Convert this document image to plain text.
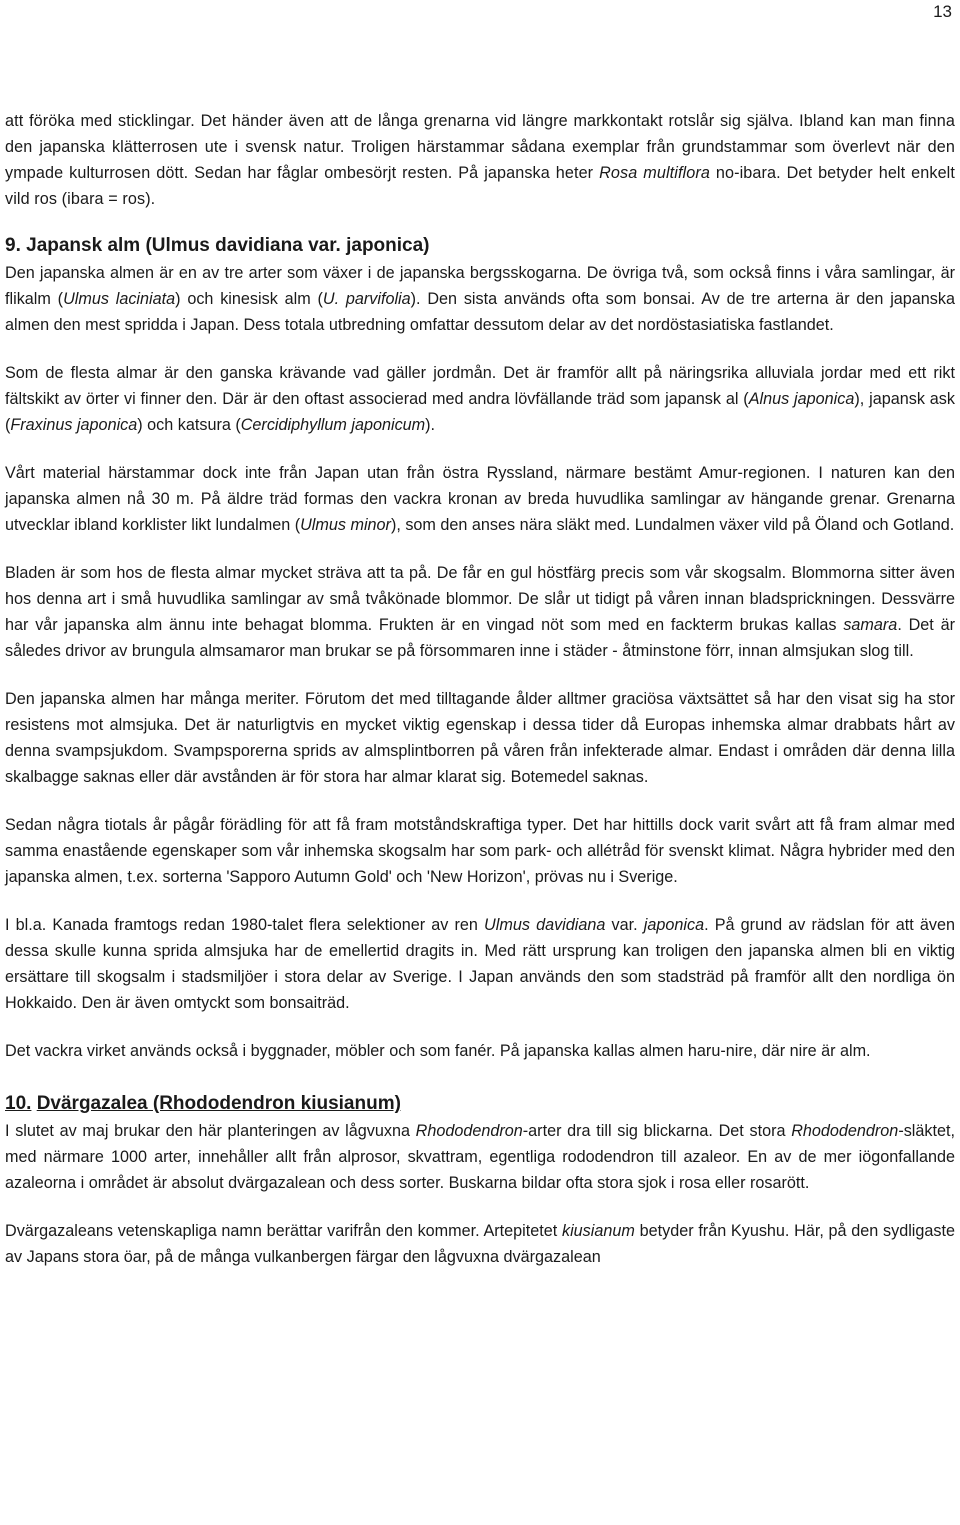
13

att föröka med sticklingar. Det händer även att de långa grenarna vid längre markkontakt rotslår sig själva. Ibland kan man finna den japanska klätterrosen ute i svensk natur. Troligen härstammar sådana exemplar från grundstammar som överlevt när den ympade kulturrosen dött. Sedan har fåglar ombesörjt resten. På japanska heter Rosa multiflora no-ibara. Det betyder helt enkelt vild ros (ibara = ros).

9. Japansk alm (Ulmus davidiana var. japonica)

Den japanska almen är en av tre arter som växer i de japanska bergsskogarna. De övriga två, som också finns i våra samlingar, är flikalm (Ulmus laciniata) och kinesisk alm (U. parvifolia). Den sista används ofta som bonsai. Av de tre arterna är den japanska almen den mest spridda i Japan. Dess totala utbredning omfattar dessutom delar av det nordöstasiatiska fastlandet.

Som de flesta almar är den ganska krävande vad gäller jordmån. Det är framför allt på näringsrika alluviala jordar med ett rikt fältskikt av örter vi finner den. Där är den oftast associerad med andra lövfällande träd som japansk al (Alnus japonica), japansk ask (Fraxinus japonica) och katsura (Cercidiphyllum japonicum).

Vårt material härstammar dock inte från Japan utan från östra Ryssland, närmare bestämt Amur-regionen. I naturen kan den japanska almen nå 30 m. På äldre träd formas den vackra kronan av breda huvudlika samlingar av hängande grenar. Grenarna utvecklar ibland korklister likt lundalmen (Ulmus minor), som den anses nära släkt med. Lundalmen växer vild på Öland och Gotland.

Bladen är som hos de flesta almar mycket sträva att ta på. De får en gul höstfärg precis som vår skogsalm. Blommorna sitter även hos denna art i små huvudlika samlingar av små tvåkönade blommor. De slår ut tidigt på våren innan bladsprickningen. Dessvärre har vår japanska alm ännu inte behagat blomma. Frukten är en vingad nöt som med en fackterm brukas kallas samara. Det är således drivor av brungula almsamaror man brukar se på försommaren inne i städer - åtminstone förr, innan almsjukan slog till.

Den japanska almen har många meriter. Förutom det med tilltagande ålder alltmer graciösa växtsättet så har den visat sig ha stor resistens mot almsjuka. Det är naturligtvis en mycket viktig egenskap i dessa tider då Europas inhemska almar drabbats hårt av denna svampsjukdom. Svampsporerna sprids av almsplintborren på våren från infekterade almar. Endast i områden där denna lilla skalbagge saknas eller där avstånden är för stora har almar klarat sig. Botemedel saknas.

Sedan några tiotals år pågår förädling för att få fram motståndskraftiga typer. Det har hittills dock varit svårt att få fram almar med samma enastående egenskaper som vår inhemska skogsalm har som park- och allétråd för svenskt klimat. Några hybrider med den japanska almen, t.ex. sorterna 'Sapporo Autumn Gold' och 'New Horizon', prövas nu i Sverige.

I bl.a. Kanada framtogs redan 1980-talet flera selektioner av ren Ulmus davidiana var. japonica. På grund av rädslan för att även dessa skulle kunna sprida almsjuka har de emellertid dragits in. Med rätt ursprung kan troligen den japanska almen bli en viktig ersättare till skogsalm i stadsmiljöer i stora delar av Sverige. I Japan används den som stadsträd på framför allt den nordliga ön Hokkaido. Den är även omtyckt som bonsaiträd.

Det vackra virket används också i byggnader, möbler och som fanér. På japanska kallas almen haru-nire, där nire är alm.

10. Dvärgazalea (Rhododendron kiusianum)

I slutet av maj brukar den här planteringen av lågvuxna Rhododendron-arter dra till sig blickarna. Det stora Rhododendron-släktet, med närmare 1000 arter, innehåller allt från alprosor, skvattram, egentliga rododendron till azaleor. En av de mer iögonfallande azaleorna i området är absolut dvärgazalean och dess sorter. Buskarna bildar ofta stora sjok i rosa eller rosarött.

Dvärgazaleans vetenskapliga namn berättar varifrån den kommer. Artepitetet kiusianum betyder från Kyushu. Här, på den sydligaste av Japans stora öar, på de många vulkanbergen färgar den lågvuxna dvärgazalean
